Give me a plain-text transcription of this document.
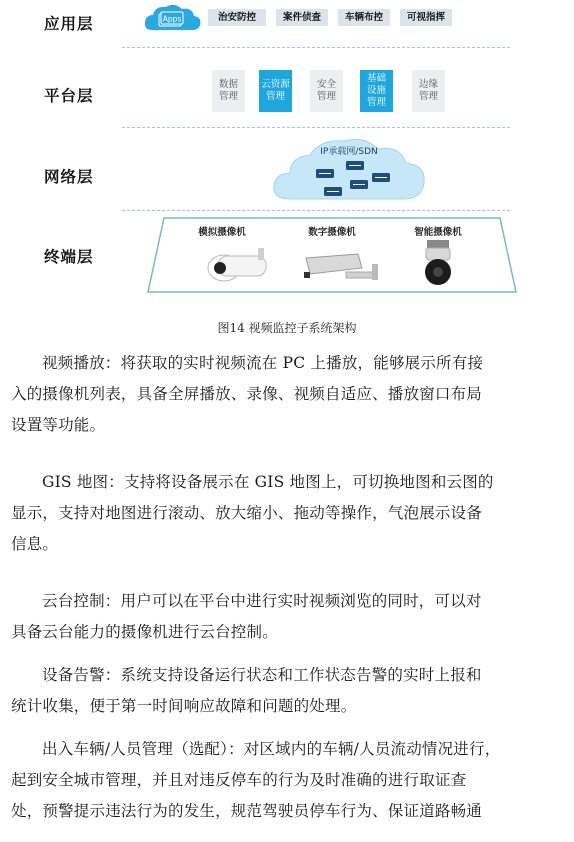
应用层
平台层
网络层
终端层
Apps	治安防控	案件侦查	车辆布控	可视指挥
数据
管理
云资源
管理
安全
管理
基础
设施
管理
边缘
管理
IP承载网/SDN
模拟摄像机	数字摄像机	智能摄像机
图14 视频监控子系统架构
视频播放：将获取的实时视频流在 PC 上播放，能够展示所有接
入的摄像机列表，具备全屏播放、录像、视频自适应、播放窗口布局
设置等功能。
GIS 地图：支持将设备展示在 GIS 地图上，可切换地图和云图的
显示，支持对地图进行滚动、放大缩小、拖动等操作，气泡展示设备
信息。
云台控制：用户可以在平台中进行实时视频浏览的同时，可以对
具备云台能力的摄像机进行云台控制。
设备告警：系统支持设备运行状态和工作状态告警的实时上报和
统计收集，便于第一时间响应故障和问题的处理。
出入车辆/人员管理（选配）：对区域内的车辆/人员流动情况进行，
起到安全城市管理，并且对违反停车的行为及时准确的进行取证查
处，预警提示违法行为的发生，规范驾驶员停车行为、保证道路畅通
